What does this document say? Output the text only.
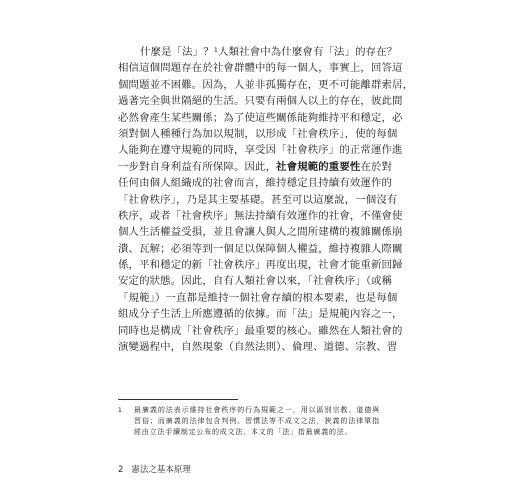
什麼是「法」？¹人類社會中為什麼會有「法」的存在？
相信這個問題存在於社會群體中的每一個人，事實上，回答這
個問題並不困難。因為，人並非孤獨存在，更不可能離群索居，
過著完全與世隔絕的生活。只要有兩個人以上的存在，彼此間
必然會產生某些關係；為了使這些關係能夠維持平和穩定，必
須對個人種種行為加以規制，以形成「社會秩序」，使的每個
人能夠在遵守規範的同時，享受因「社會秩序」的正常運作進
一步對自身利益有所保障。因此，社會規範的重要性在於對
任何由個人組織成的社會而言，維持穩定且持續有效運作的
「社會秩序」，乃是其主要基礎。甚至可以這麼說，一個沒有
秩序，或者「社會秩序」無法持續有效運作的社會，不僅會使
個人生活權益受損，並且會讓人與人之間所建構的複雜關係崩
潰、瓦解；必須等到一個足以保障個人權益，維持複雜人際關
係，平和穩定的新「社會秩序」再度出現，社會才能重新回歸
安定的狀態。因此，自有人類社會以來，「社會秩序」（或稱
「規範」）一直都是維持一個社會存續的根本要素，也是每個
組成分子生活上所應遵循的依據。而「法」是規範內容之一，
同時也是構成「社會秩序」最重要的核心。雖然在人類社會的
演變過程中，自然現象（自然法則）、倫理、道德、宗教、習
1	最廣義的法表示維持社會秩序的行為規範之一，用以區別宗教、道德與
習俗；而廣義的法律包含判例、習慣法等不成文之法，狹義的法律單指
經由立法手續制定公布的成文法。本文的「法」指最廣義的法。
2 憲法之基本原理
